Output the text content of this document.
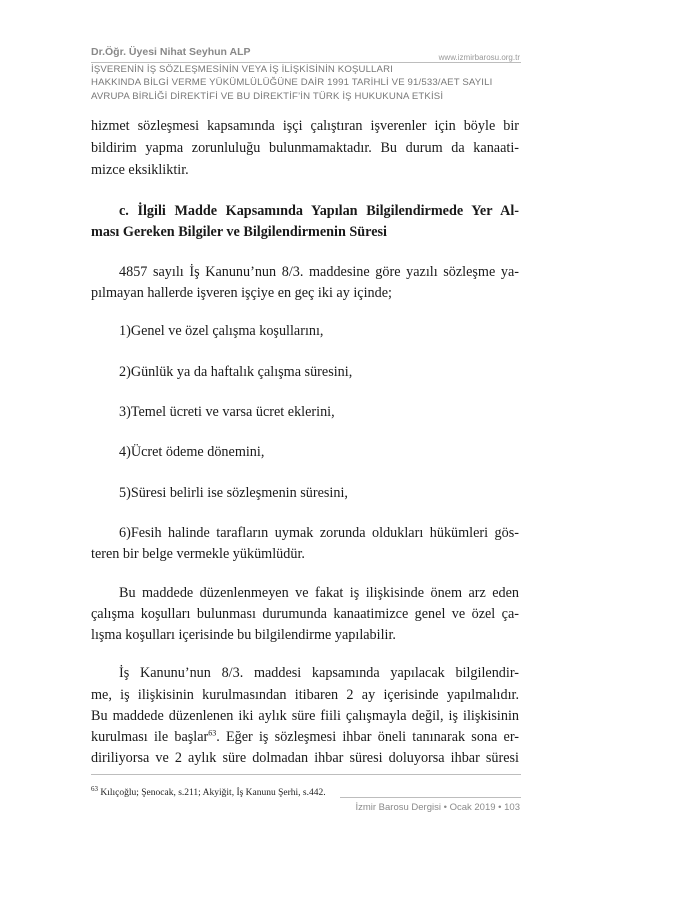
Dr.Öğr. Üyesi Nihat Seyhun ALP	www.izmirbarosu.org.tr
İŞVERENİN İŞ SÖZLEŞMESİNİN VEYA İŞ İLİŞKİSİNİN KOŞULLARI
HAKKINDA BİLGİ VERME YÜKÜMLÜLÜĞÜNE DAİR 1991 TARİHLİ VE 91/533/AET SAYILI
AVRUPA BİRLİĞİ DİREKTİFİ VE BU DİREKTİF’İN TÜRK İŞ HUKUKUNA ETKİSİ
hizmet sözleşmesi kapsamında işçi çalıştıran işverenler için böyle bir
bildirim yapma zorunluluğu bulunmamaktadır. Bu durum da kanaati-
mizce eksikliktir.
c. İlgili Madde Kapsamında Yapılan Bilgilendirmede Yer Al-
ması Gereken Bilgiler ve Bilgilendirmenin Süresi
4857 sayılı İş Kanunu’nun 8/3. maddesine göre yazılı sözleşme ya-
pılmayan hallerde işveren işçiye en geç iki ay içinde;
1)Genel ve özel çalışma koşullarını,
2)Günlük ya da haftalık çalışma süresini,
3)Temel ücreti ve varsa ücret eklerini,
4)Ücret ödeme dönemini,
5)Süresi belirli ise sözleşmenin süresini,
6)Fesih halinde tarafların uymak zorunda oldukları hükümleri gös-
teren bir belge vermekle yükümlüdür.
Bu maddede düzenlenmeyen ve fakat iş ilişkisinde önem arz eden
çalışma koşulları bulunması durumunda kanaatimizce genel ve özel ça-
lışma koşulları içerisinde bu bilgilendirme yapılabilir.
İş Kanunu’nun 8/3. maddesi kapsamında yapılacak bilgilendir-
me, iş ilişkisinin kurulmasından itibaren 2 ay içerisinde yapılmalıdır.
Bu maddede düzenlenen iki aylık süre fiili çalışmayla değil, iş ilişkisinin
kurulması ile başlar$^{63}$. Eğer iş sözleşmesi ihbar öneli tanınarak sona er-
diriliyorsa ve 2 aylık süre dolmadan ihbar süresi doluyorsa ihbar süresi
$^{63}$ Kılıçoğlu; Şenocak, s.211; Akyiğit, İş Kanunu Şerhi, s.442.
İzmir Barosu Dergisi • Ocak 2019 • 103
